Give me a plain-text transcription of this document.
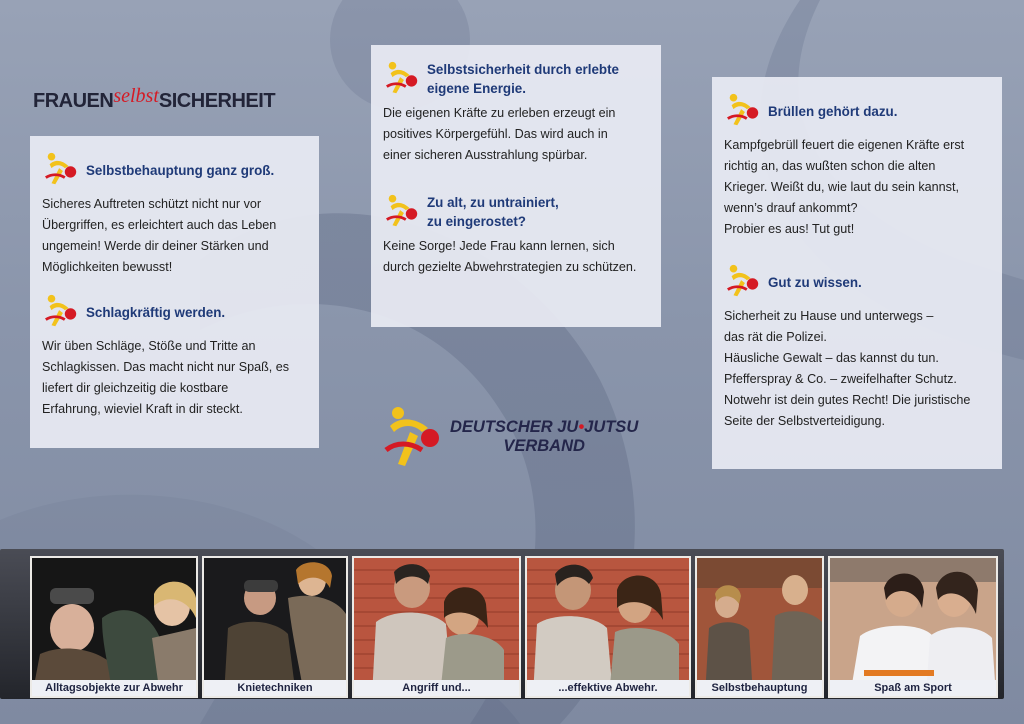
FRAUENselbstSICHERHEIT
Selbstbehauptung ganz groß.
Sicheres Auftreten schützt nicht nur vor
Übergriffen, es erleichtert auch das Leben
ungemein! Werde dir deiner Stärken und
Möglichkeiten bewusst!
Schlagkräftig werden.
Wir üben Schläge, Stöße und Tritte an
Schlagkissen. Das macht nicht nur Spaß, es
liefert dir gleichzeitig die kostbare
Erfahrung, wieviel Kraft in dir steckt.
Selbstsicherheit durch erlebte
eigene Energie.
Die eigenen Kräfte zu erleben erzeugt ein
positives Körpergefühl. Das wird auch in
einer sicheren Ausstrahlung spürbar.
Zu alt, zu untrainiert,
zu eingerostet?
Keine Sorge! Jede Frau kann lernen, sich
durch gezielte Abwehrstrategien zu schützen.
Brüllen gehört dazu.
Kampfgebrüll feuert die eigenen Kräfte erst
richtig an, das wußten schon die alten
Krieger. Weißt du, wie laut du sein kannst,
wenn’s drauf ankommt?
Probier es aus! Tut gut!
Gut zu wissen.
Sicherheit zu Hause und unterwegs –
das rät die Polizei.
Häusliche Gewalt – das kannst du tun.
Pfefferspray & Co. – zweifelhafter Schutz.
Notwehr ist dein gutes Recht! Die juristische
Seite der Selbstverteidigung.
DEUTSCHER JU•JUTSU
VERBAND
Alltagsobjekte zur Abwehr	Knietechniken	Angriff und...	...effektive Abwehr.	Selbstbehauptung	Spaß am Sport
